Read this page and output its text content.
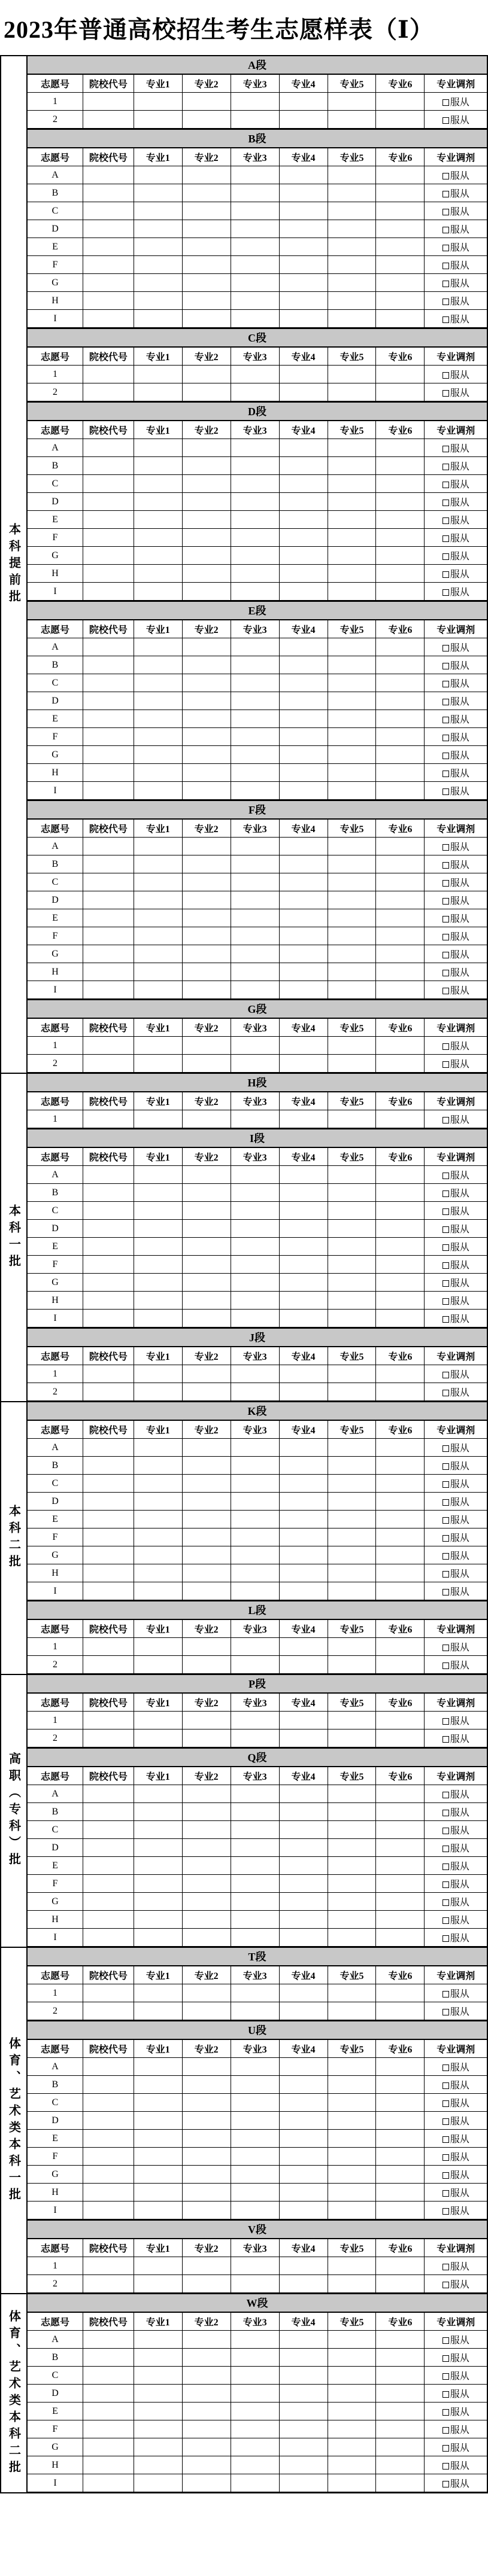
2023年普通高校招生考生志愿样表（Ⅰ）
本科提前批
A段
志愿号	院校代号	专业1	专业2	专业3	专业4	专业5	专业6	专业调剂
1								服从
2								服从
B段
志愿号	院校代号	专业1	专业2	专业3	专业4	专业5	专业6	专业调剂
A								服从
B								服从
C								服从
D								服从
E								服从
F								服从
G								服从
H								服从
I								服从
C段
志愿号	院校代号	专业1	专业2	专业3	专业4	专业5	专业6	专业调剂
1								服从
2								服从
D段
志愿号	院校代号	专业1	专业2	专业3	专业4	专业5	专业6	专业调剂
A								服从
B								服从
C								服从
D								服从
E								服从
F								服从
G								服从
H								服从
I								服从
E段
志愿号	院校代号	专业1	专业2	专业3	专业4	专业5	专业6	专业调剂
A								服从
B								服从
C								服从
D								服从
E								服从
F								服从
G								服从
H								服从
I								服从
F段
志愿号	院校代号	专业1	专业2	专业3	专业4	专业5	专业6	专业调剂
A								服从
B								服从
C								服从
D								服从
E								服从
F								服从
G								服从
H								服从
I								服从
G段
志愿号	院校代号	专业1	专业2	专业3	专业4	专业5	专业6	专业调剂
1								服从
2								服从
本科一批
H段
志愿号	院校代号	专业1	专业2	专业3	专业4	专业5	专业6	专业调剂
1								服从
I段
志愿号	院校代号	专业1	专业2	专业3	专业4	专业5	专业6	专业调剂
A								服从
B								服从
C								服从
D								服从
E								服从
F								服从
G								服从
H								服从
I								服从
J段
志愿号	院校代号	专业1	专业2	专业3	专业4	专业5	专业6	专业调剂
1								服从
2								服从
本科二批
K段
志愿号	院校代号	专业1	专业2	专业3	专业4	专业5	专业6	专业调剂
A								服从
B								服从
C								服从
D								服从
E								服从
F								服从
G								服从
H								服从
I								服从
L段
志愿号	院校代号	专业1	专业2	专业3	专业4	专业5	专业6	专业调剂
1								服从
2								服从
高职（专科）批
P段
志愿号	院校代号	专业1	专业2	专业3	专业4	专业5	专业6	专业调剂
1								服从
2								服从
Q段
志愿号	院校代号	专业1	专业2	专业3	专业4	专业5	专业6	专业调剂
A								服从
B								服从
C								服从
D								服从
E								服从
F								服从
G								服从
H								服从
I								服从
体育、艺术类本科一批
T段
志愿号	院校代号	专业1	专业2	专业3	专业4	专业5	专业6	专业调剂
1								服从
2								服从
U段
志愿号	院校代号	专业1	专业2	专业3	专业4	专业5	专业6	专业调剂
A								服从
B								服从
C								服从
D								服从
E								服从
F								服从
G								服从
H								服从
I								服从
V段
志愿号	院校代号	专业1	专业2	专业3	专业4	专业5	专业6	专业调剂
1								服从
2								服从
体育、艺术类本科二批
W段
志愿号	院校代号	专业1	专业2	专业3	专业4	专业5	专业6	专业调剂
A								服从
B								服从
C								服从
D								服从
E								服从
F								服从
G								服从
H								服从
I								服从
